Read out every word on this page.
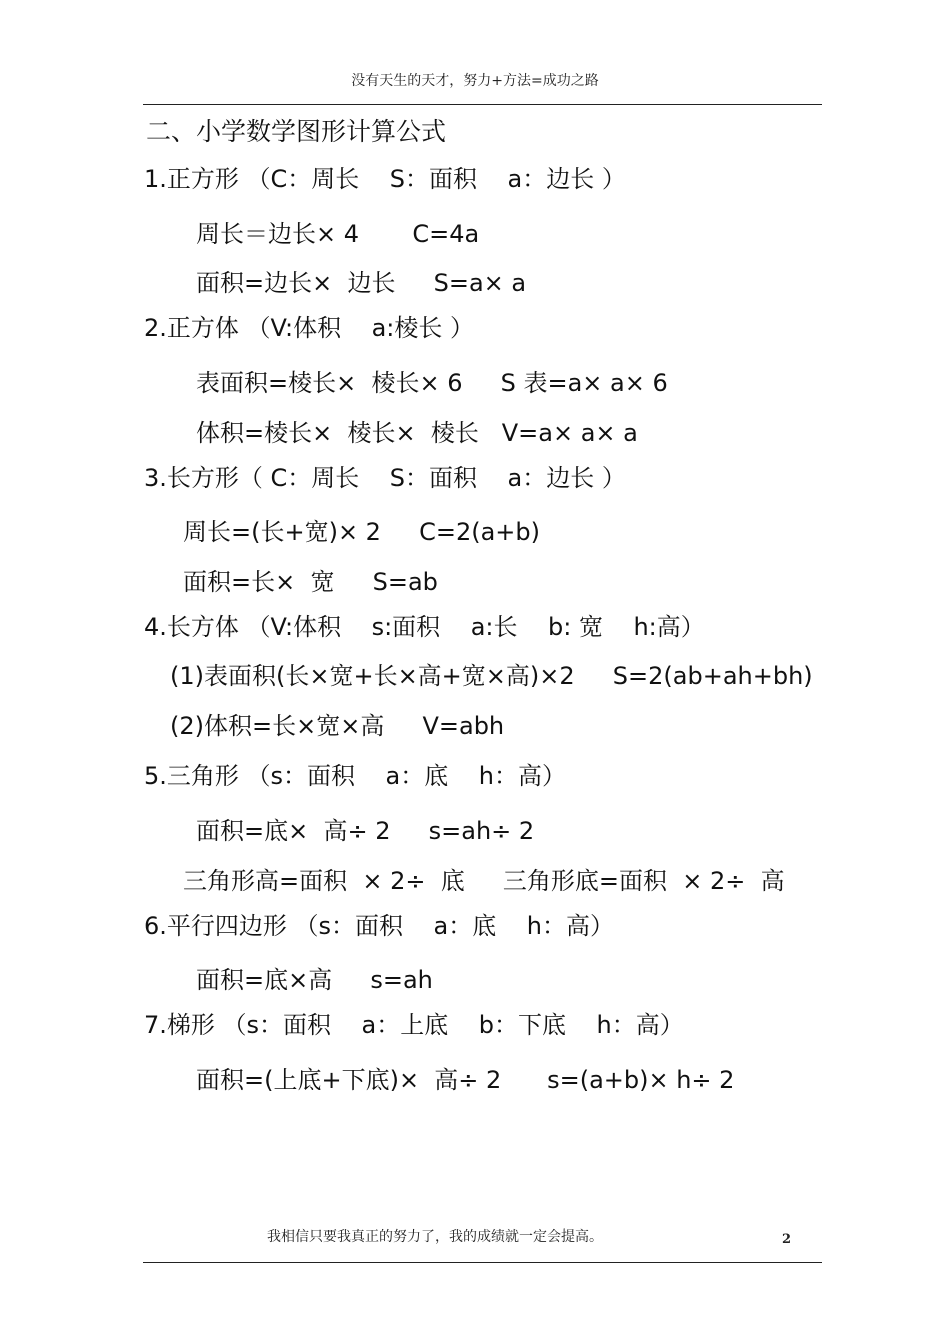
没有天生的天才，努力+方法=成功之路
二、小学数学图形计算公式
1.正方形 （C：周长    S：面积    a：边长 ）
周长＝边长× 4       C=4a
面积=边长×  边长     S=a× a
2.正方体 （V:体积    a:棱长 ）
表面积=棱长×  棱长× 6     S 表=a× a× 6
体积=棱长×  棱长×  棱长   V=a× a× a
3.长方形（ C：周长    S：面积    a：边长 ）
周长=(长+宽)× 2     C=2(a+b)
面积=长×  宽     S=ab
4.长方体 （V:体积    s:面积    a:长    b: 宽    h:高）
(1)表面积(长×宽+长×高+宽×高)×2     S=2(ab+ah+bh)
(2)体积=长×宽×高     V=abh
5.三角形 （s：面积    a：底    h：高）
面积=底×  高÷ 2     s=ah÷ 2
三角形高=面积  × 2÷  底     三角形底=面积  × 2÷  高
6.平行四边形 （s：面积    a：底    h：高）
面积=底×高     s=ah
7.梯形 （s：面积    a：上底    b：下底    h：高）
面积=(上底+下底)×  高÷ 2      s=(a+b)× h÷ 2
我相信只要我真正的努力了，我的成绩就一定会提高。	2
